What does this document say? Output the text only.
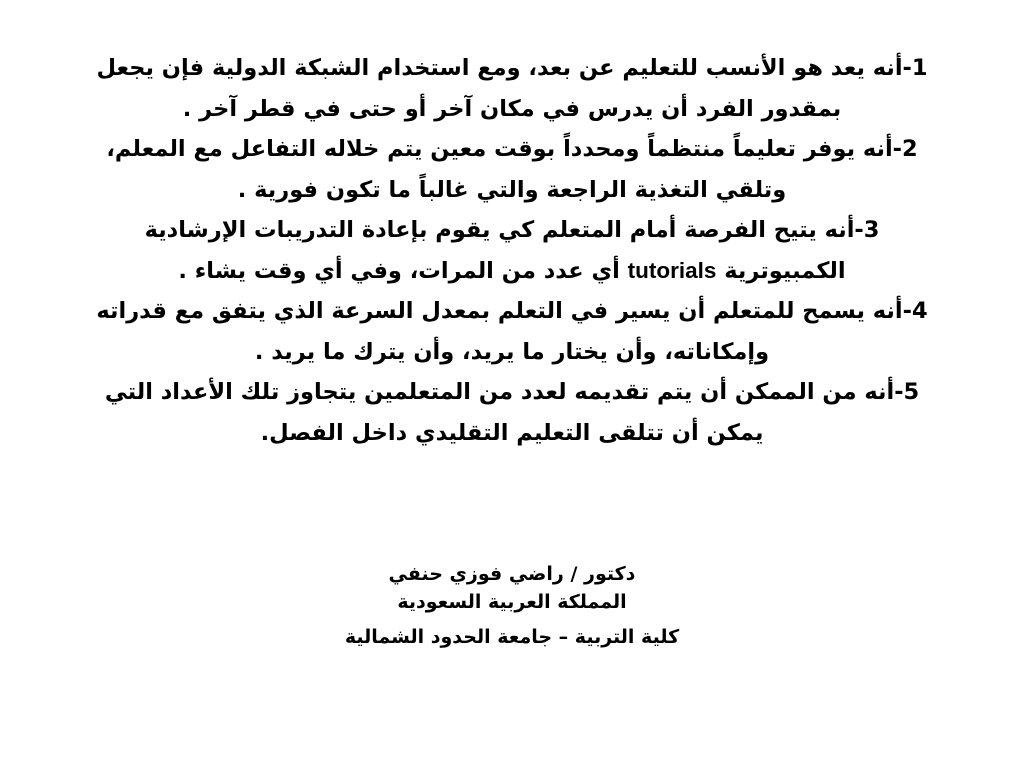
1-أنه يعد هو الأنسب للتعليم عن بعد، ومع استخدام الشبكة الدولية فإن يجعل
بمقدور الفرد أن يدرس في مكان آخر أو حتى في قطر آخر .

2-أنه يوفر تعليماً منتظماً ومحدداً بوقت معين يتم خلاله التفاعل مع المعلم،
وتلقي التغذية الراجعة والتي غالباً ما تكون فورية .

3-أنه يتيح الفرصة أمام المتعلم كي يقوم بإعادة التدريبات الإرشادية
الكمبيوترية tutorials أي عدد من المرات، وفي أي وقت يشاء .

4-أنه يسمح للمتعلم أن يسير في التعلم بمعدل السرعة الذي يتفق مع قدراته
وإمكاناته، وأن يختار ما يريد، وأن يترك ما يريد .

5-أنه من الممكن أن يتم تقديمه لعدد من المتعلمين يتجاوز تلك الأعداد التي
يمكن أن تتلقى التعليم التقليدي داخل الفصل.

دكتور / راضي فوزي حنفي
المملكة العربية السعودية
كلية التربية – جامعة الحدود الشمالية
